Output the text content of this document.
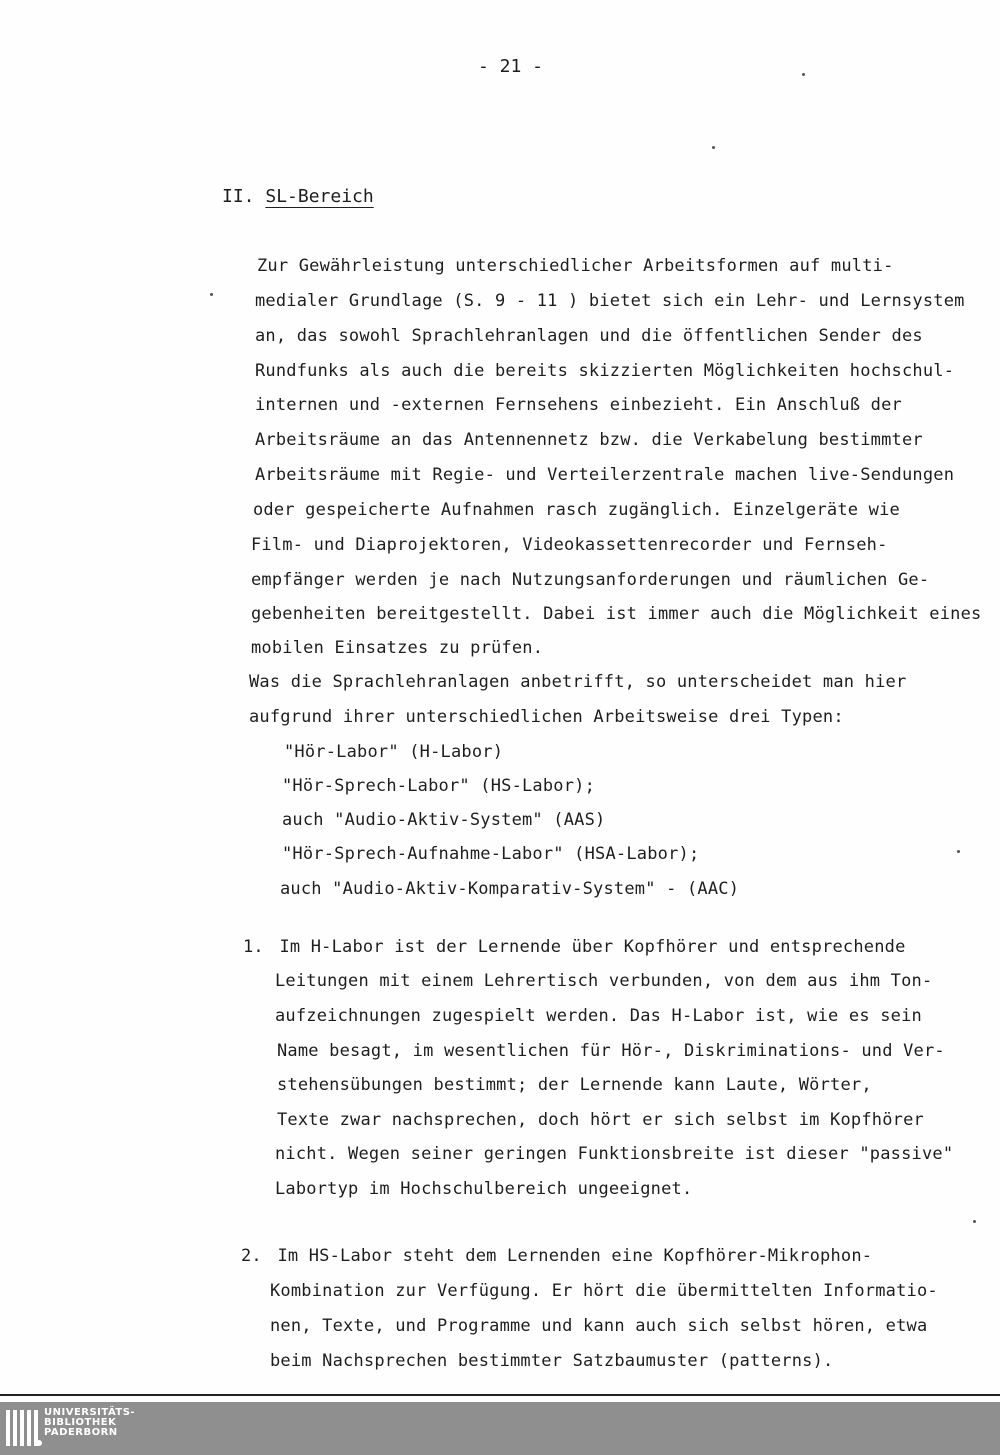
- 21 -
II. SL-Bereich
Zur Gewährleistung unterschiedlicher Arbeitsformen auf multi-
medialer Grundlage (S. 9 - 11 ) bietet sich ein Lehr- und Lernsystem
an, das sowohl Sprachlehranlagen und die öffentlichen Sender des
Rundfunks als auch die bereits skizzierten Möglichkeiten hochschul-
internen und -externen Fernsehens einbezieht. Ein Anschluß der
Arbeitsräume an das Antennennetz bzw. die Verkabelung bestimmter
Arbeitsräume mit Regie- und Verteilerzentrale machen live-Sendungen
oder gespeicherte Aufnahmen rasch zugänglich. Einzelgeräte wie
Film- und Diaprojektoren, Videokassettenrecorder und Fernseh-
empfänger werden je nach Nutzungsanforderungen und räumlichen Ge-
gebenheiten bereitgestellt. Dabei ist immer auch die Möglichkeit eines
mobilen Einsatzes zu prüfen.
Was die Sprachlehranlagen anbetrifft, so unterscheidet man hier
aufgrund ihrer unterschiedlichen Arbeitsweise drei Typen:
"Hör-Labor" (H-Labor)
"Hör-Sprech-Labor" (HS-Labor);
auch "Audio-Aktiv-System" (AAS)
"Hör-Sprech-Aufnahme-Labor" (HSA-Labor);
auch "Audio-Aktiv-Komparativ-System" - (AAC)
1. Im H-Labor ist der Lernende über Kopfhörer und entsprechende
Leitungen mit einem Lehrertisch verbunden, von dem aus ihm Ton-
aufzeichnungen zugespielt werden. Das H-Labor ist, wie es sein
Name besagt, im wesentlichen für Hör-, Diskriminations- und Ver-
stehensübungen bestimmt; der Lernende kann Laute, Wörter,
Texte zwar nachsprechen, doch hört er sich selbst im Kopfhörer
nicht. Wegen seiner geringen Funktionsbreite ist dieser "passive"
Labortyp im Hochschulbereich ungeeignet.
2. Im HS-Labor steht dem Lernenden eine Kopfhörer-Mikrophon-
Kombination zur Verfügung. Er hört die übermittelten Informatio-
nen, Texte, und Programme und kann auch sich selbst hören, etwa
beim Nachsprechen bestimmter Satzbaumuster (patterns).
UNIVERSITÄTS-
BIBLIOTHEK
PADERBORN
